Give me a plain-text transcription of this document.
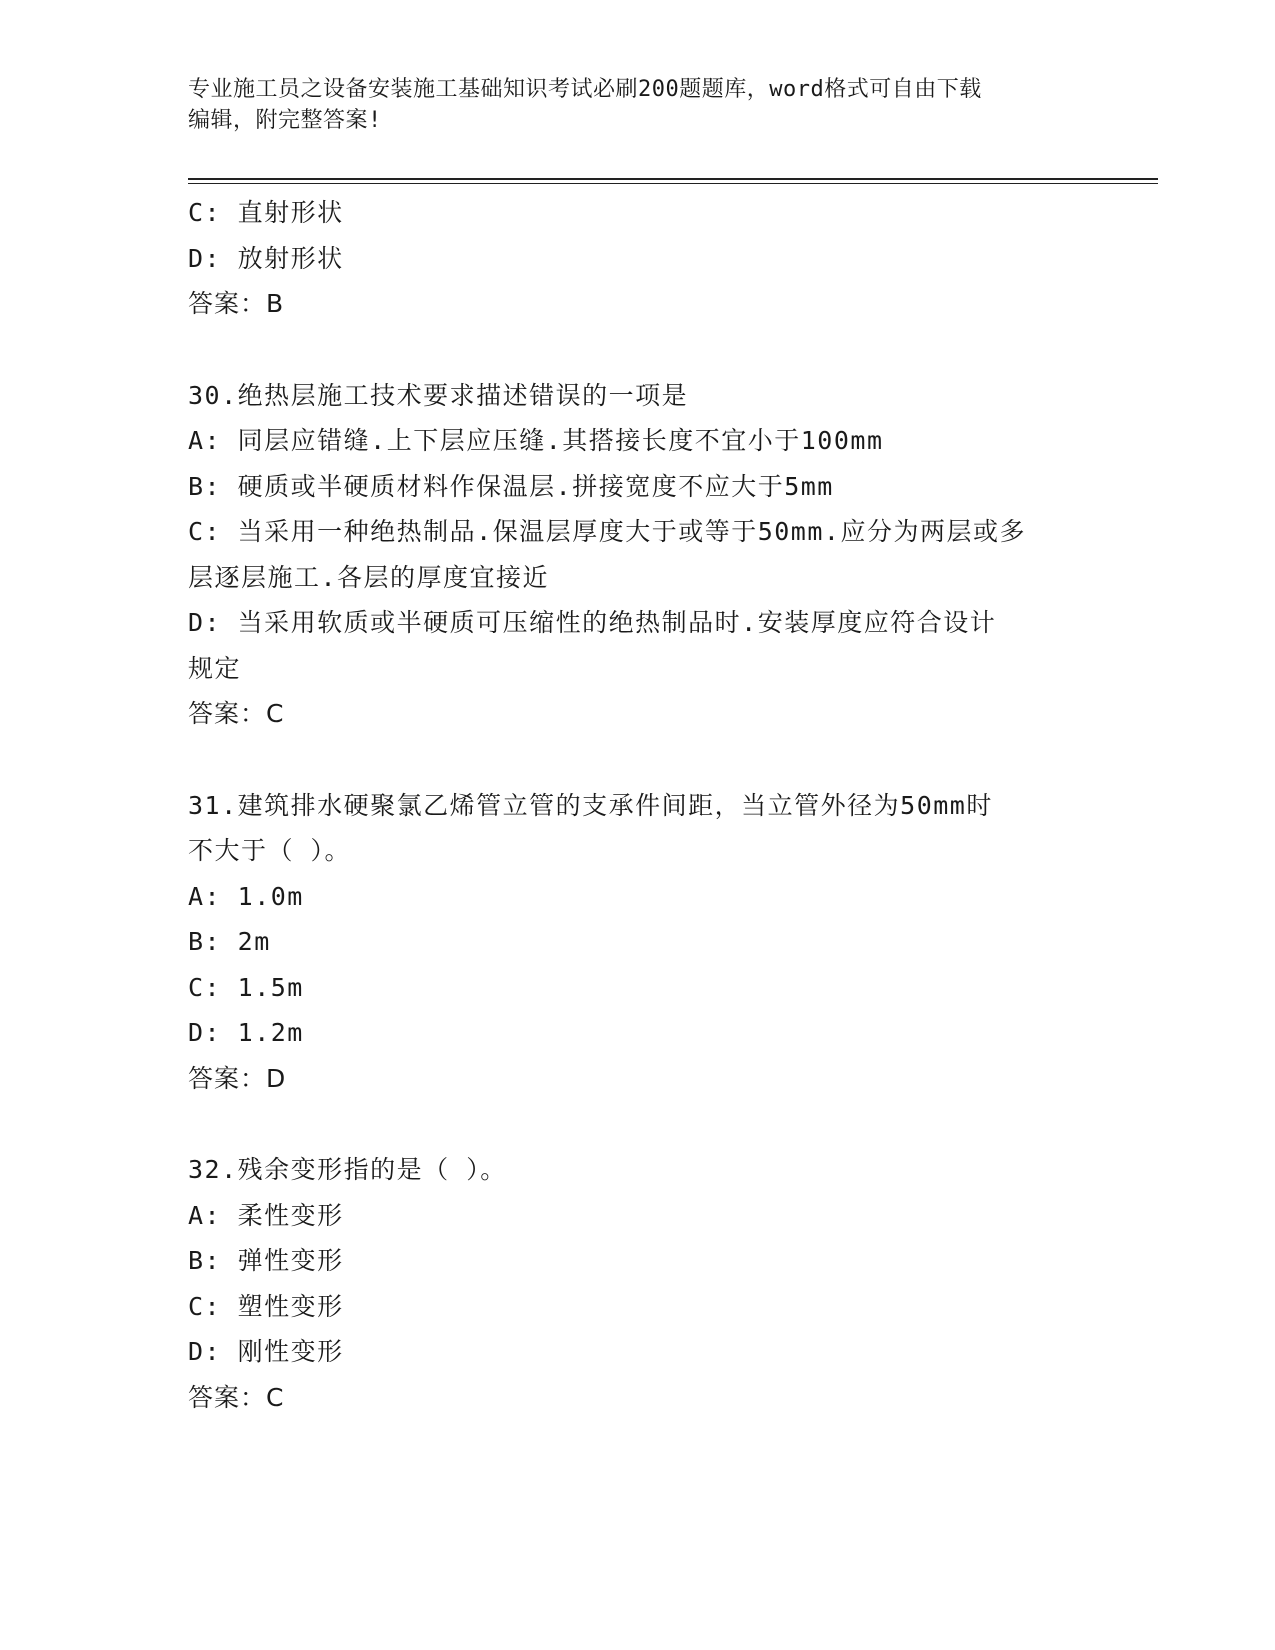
专业施工员之设备安装施工基础知识考试必刷200题题库，word格式可自由下载
编辑，附完整答案!
C: 直射形状
D: 放射形状
答案：B
30.绝热层施工技术要求描述错误的一项是
A: 同层应错缝.上下层应压缝.其搭接长度不宜小于100mm
B: 硬质或半硬质材料作保温层.拼接宽度不应大于5mm
C: 当采用一种绝热制品.保温层厚度大于或等于50mm.应分为两层或多
层逐层施工.各层的厚度宜接近
D: 当采用软质或半硬质可压缩性的绝热制品时.安装厚度应符合设计
规定
答案：C
31.建筑排水硬聚氯乙烯管立管的支承件间距，当立管外径为50mm时
不大于（ ）。
A: 1.0m
B: 2m
C: 1.5m
D: 1.2m
答案：D
32.残余变形指的是（ ）。
A: 柔性变形
B: 弹性变形
C: 塑性变形
D: 刚性变形
答案：C
